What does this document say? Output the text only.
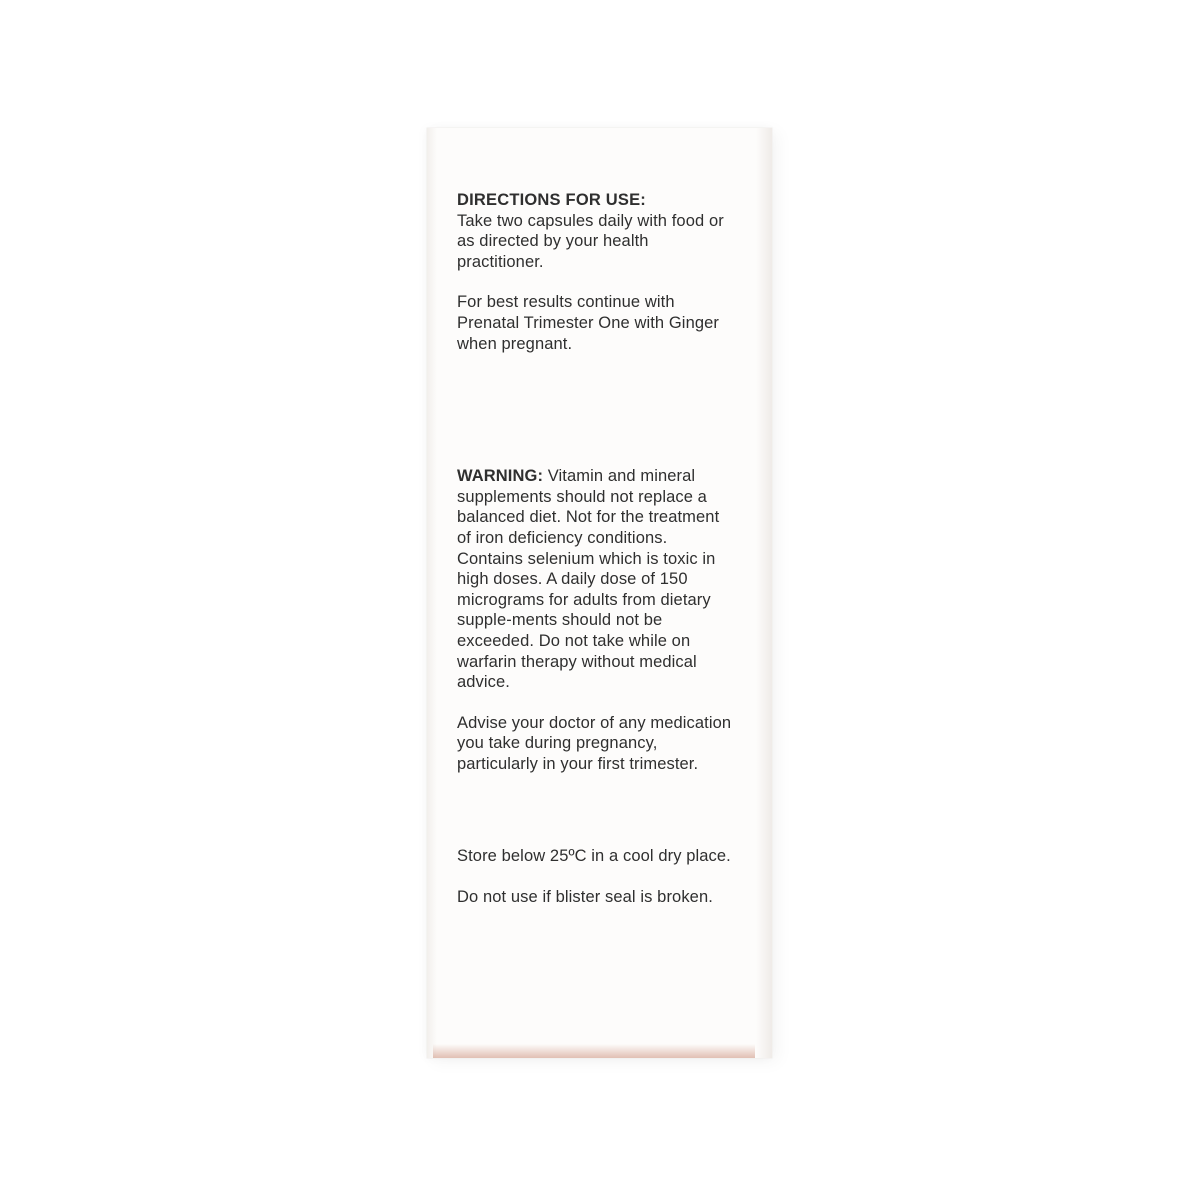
DIRECTIONS FOR USE:

Take two capsules daily with food or as directed by your health practitioner.

For best results continue with Prenatal Trimester One with Ginger when pregnant.

WARNING: Vitamin and mineral supplements should not replace a balanced diet. Not for the treatment of iron deficiency conditions. Contains selenium which is toxic in high doses. A daily dose of 150 micrograms for adults from dietary supple-ments should not be exceeded. Do not take while on warfarin therapy without medical advice.

Advise your doctor of any medication you take during pregnancy, particularly in your first trimester.

Store below 25ºC in a cool dry place.

Do not use if blister seal is broken.
